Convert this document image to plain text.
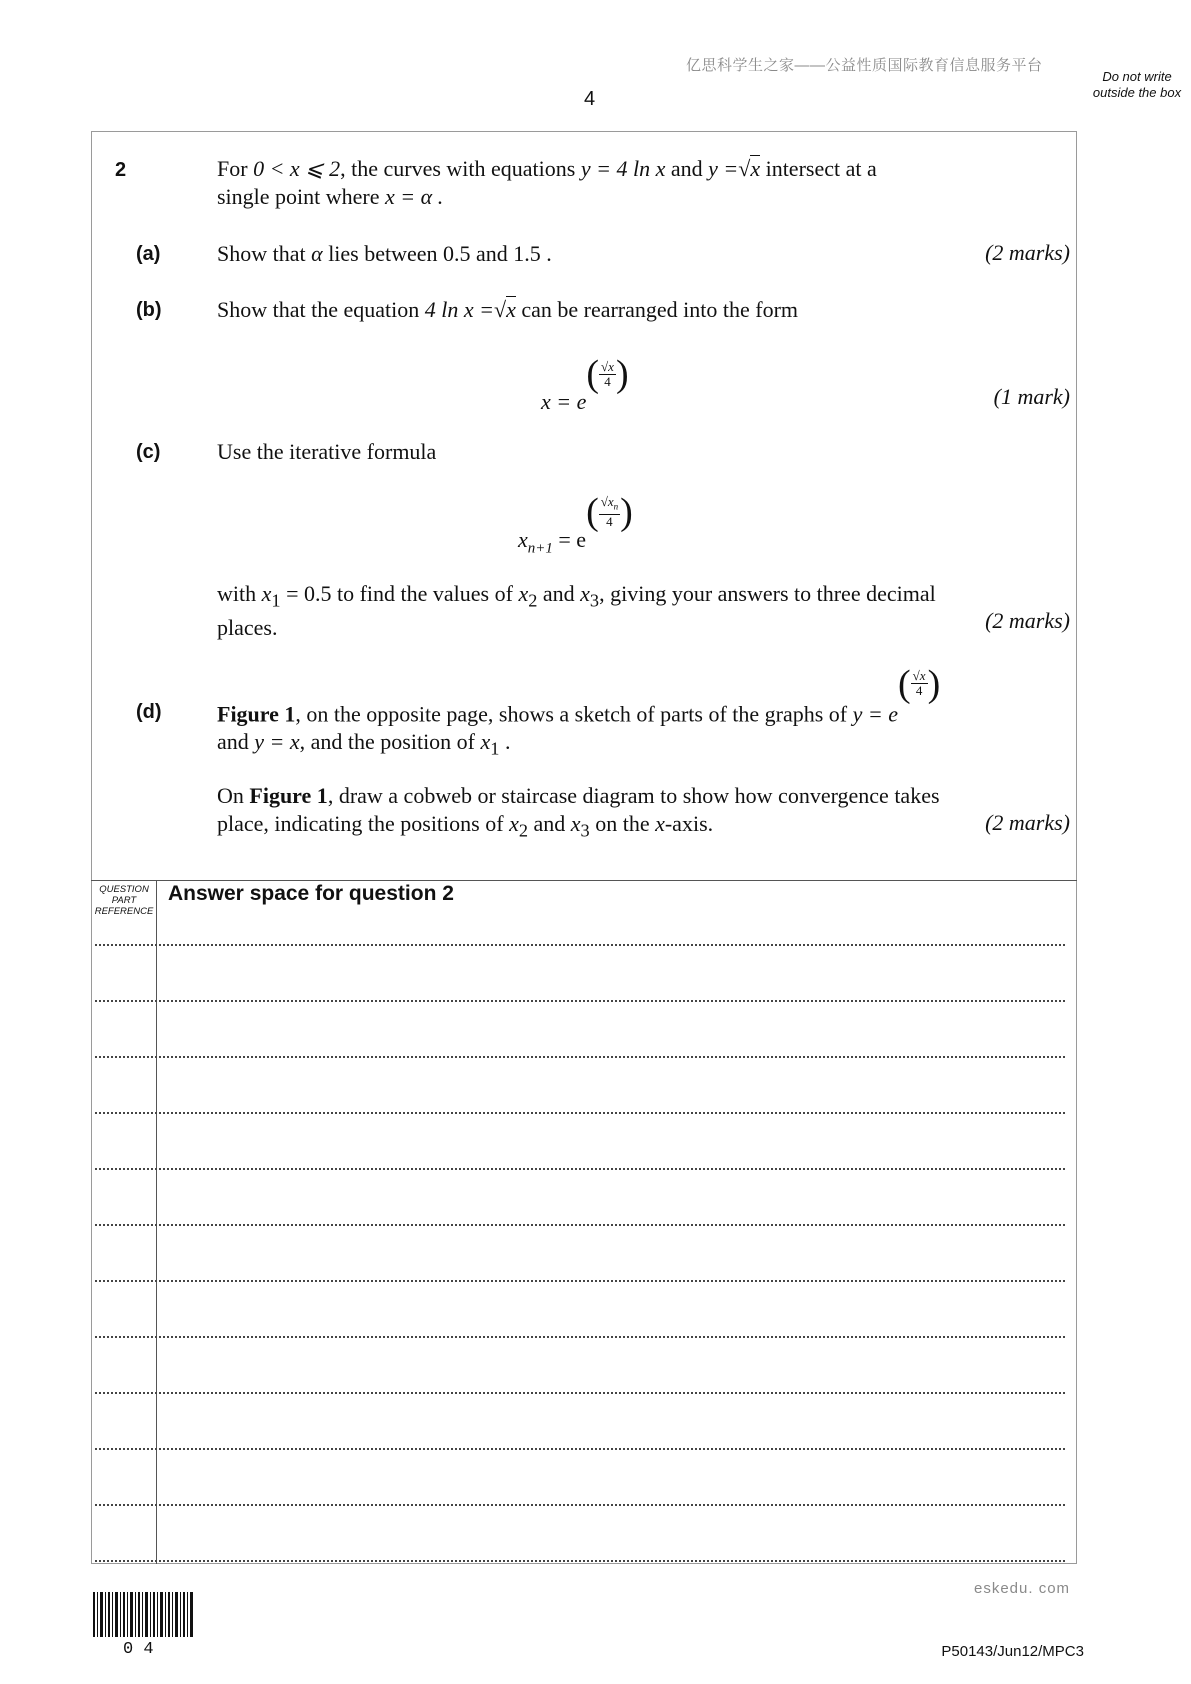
亿思科学生之家——公益性质国际教育信息服务平台
Do not write outside the box
4
2	For 0 < x ⩽ 2, the curves with equations y = 4 ln x and y =√x intersect at a
single point where x = α .
(a)	Show that α lies between 0.5 and 1.5 .	(2 marks)
(b)	Show that the equation 4 ln x =√x can be rearranged into the form
$x = e( \frac{√x}{4}$ )
(1 mark)
(c)	Use the iterative formula
$x_{n+1} = e( \frac{√x_n}{4}$ )
with $x_1 = 0.5$ to find the values of $x_2$ and $x_3$, giving your answers to three decimal
places.	(2 marks)
(d)	Figure 1, on the opposite page, shows a sketch of parts of the graphs of $y = e( \frac{√x}{4}$ )
and y = x, and the position of $x_1$ .
On Figure 1, draw a cobweb or staircase diagram to show how convergence takes
place, indicating the positions of $x_2$ and $x_3$ on the x-axis.	(2 marks)
QUESTION PART REFERENCE
Answer space for question 2
eskedu. com
0 4	P50143/Jun12/MPC3
